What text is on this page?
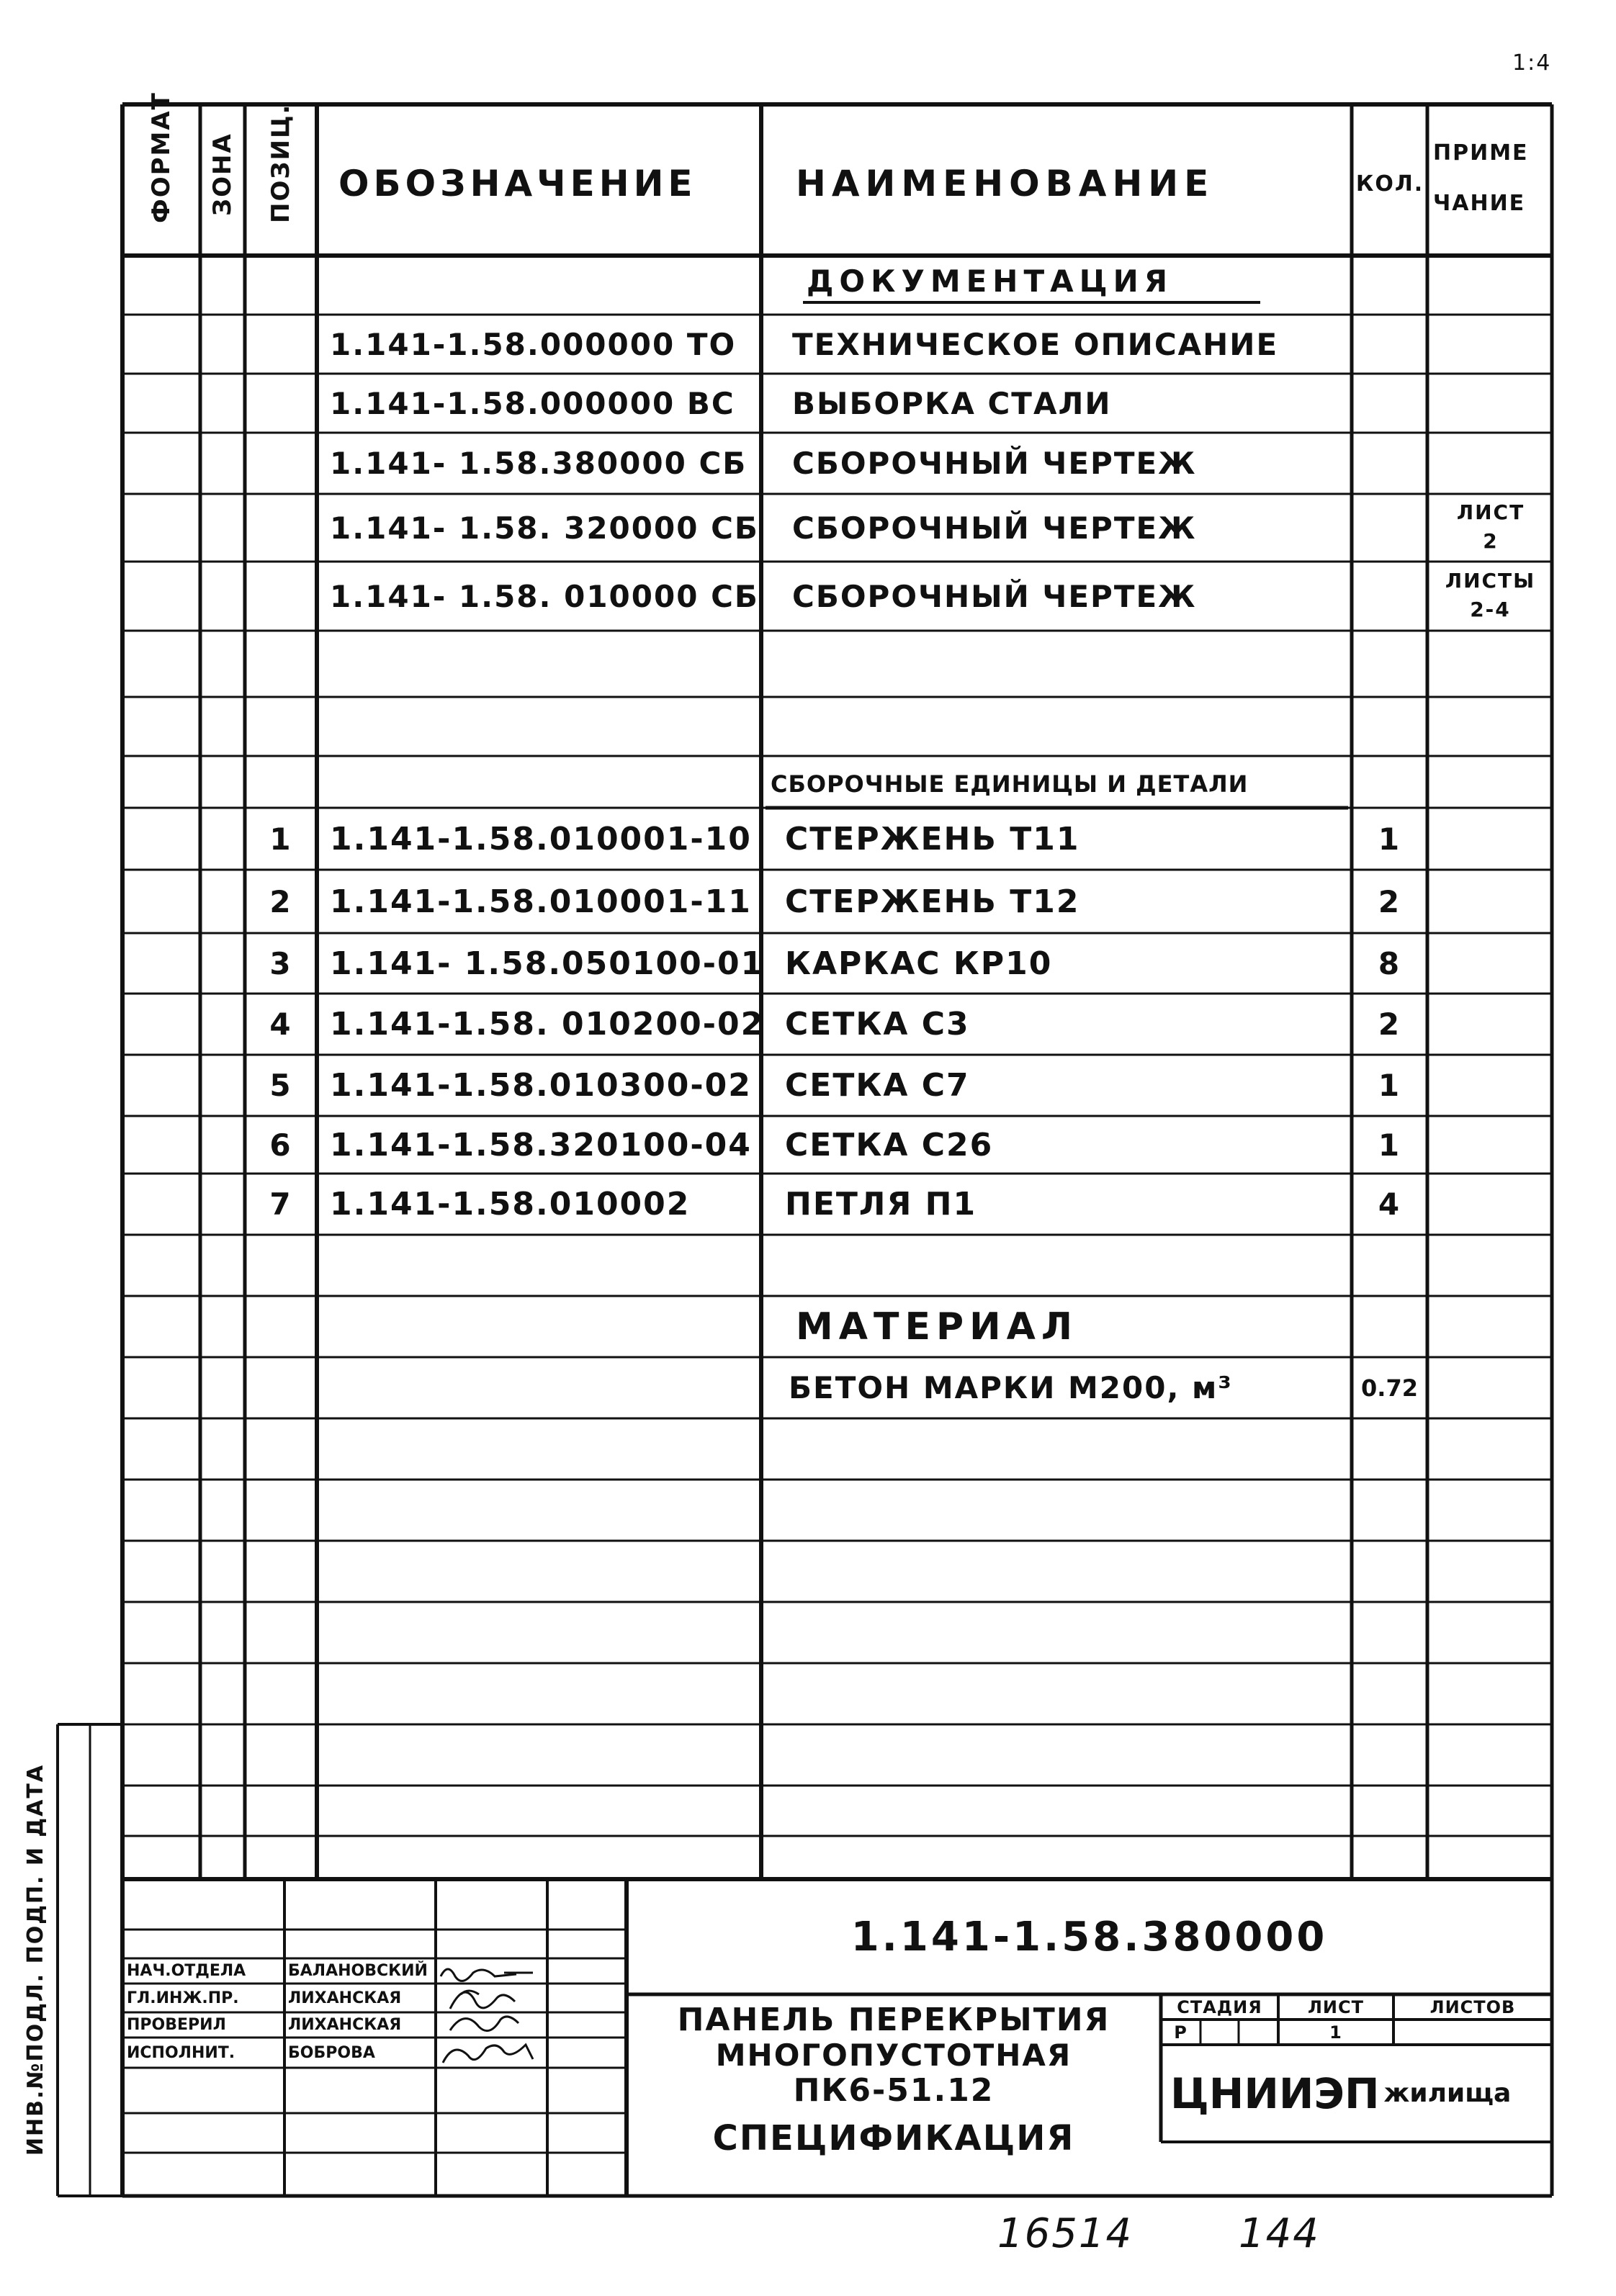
1:4
ФОРМАТ ЗОНА ПОЗИЦ. ОБОЗНАЧЕНИЕ	НАИМЕНОВАНИЕ	КОЛ.
ПРИМЕ
ЧАНИЕ
ДОКУМЕНТАЦИЯ
1.141-1.58.000000 ТО ТЕХНИЧЕСКОЕ ОПИСАНИЕ
1.141-1.58.000000 ВС ВЫБОРКА СТАЛИ
1.141- 1.58.380000 СБ СБОРОЧНЫЙ ЧЕРТЕЖ
1.141- 1.58. 320000 СБ СБОРОЧНЫЙ ЧЕРТЕЖ	ЛИСТ
2
1.141- 1.58. 010000 СБ СБОРОЧНЫЙ ЧЕРТЕЖ	ЛИСТЫ
2-4
СБОРОЧНЫЕ ЕДИНИЦЫ И ДЕТАЛИ
1	1.141-1.58.010001-10 СТЕРЖЕНЬ Т11	1
2	1.141-1.58.010001-11 СТЕРЖЕНЬ Т12	2
3	1.141- 1.58.050100-01 КАРКАС КР10	8
4	1.141-1.58. 010200-02 СЕТКА С3	2
5	1.141-1.58.010300-02 СЕТКА С7	1
6	1.141-1.58.320100-04 СЕТКА С26	1
7	1.141-1.58.010002	ПЕТЛЯ П1	4
МАТЕРИАЛ
БЕТОН МАРКИ М200, м³	0.72
ИНВ.№ПОДЛ. ПОДП. И ДАТА	1.141-1.58.380000
ПАНЕЛЬ ПЕРЕКРЫТИЯ
МНОГОПУСТОТНАЯ
ПК6-51.12
СПЕЦИФИКАЦИЯ
СТАДИЯ	ЛИСТ	ЛИСТОВ
Р	1
ЦНИИЭП жилища
НАЧ.ОТДЕЛА	БАЛАНОВСКИЙ
ГЛ.ИНЖ.ПР.	ЛИХАНСКАЯ
ПРОВЕРИЛ	ЛИХАНСКАЯ
ИСПОЛНИТ.	БОБРОВА
16514	144
